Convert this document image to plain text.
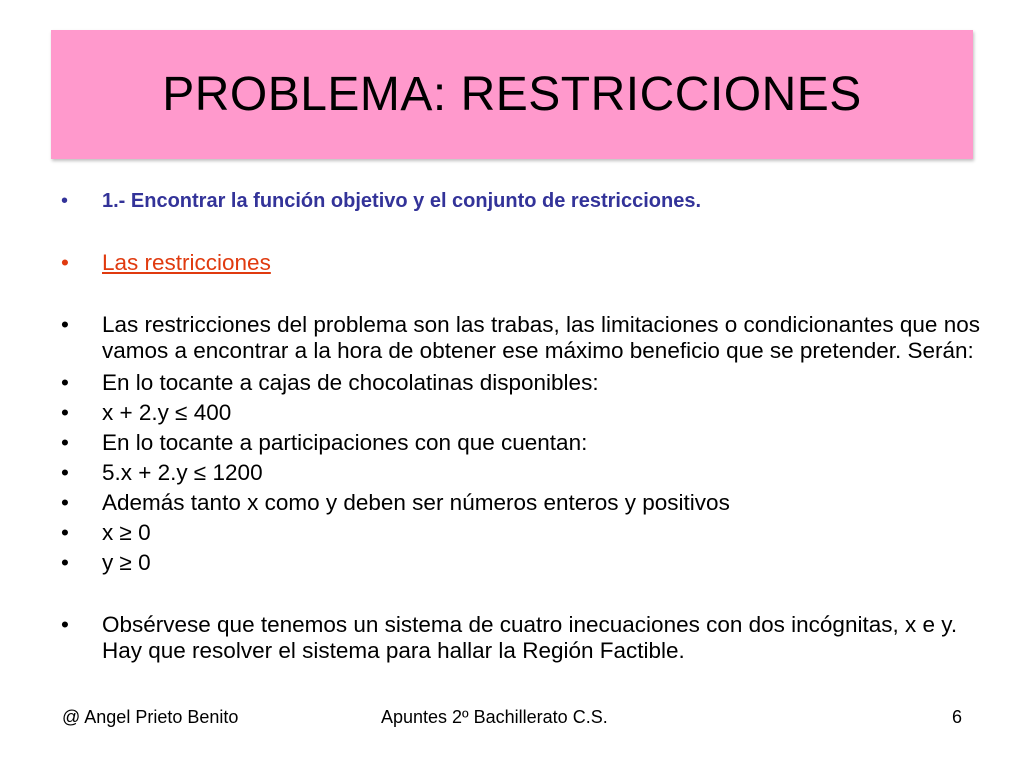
PROBLEMA: RESTRICCIONES
• 1.- Encontrar la función objetivo y el conjunto de restricciones.
• Las restricciones
• Las restricciones del problema son las trabas, las limitaciones o condicionantes que nos vamos a encontrar a la hora de obtener ese máximo beneficio que se pretender. Serán:
• En lo tocante a cajas de chocolatinas disponibles:
• x + 2.y ≤ 400
• En lo tocante a participaciones con que cuentan:
• 5.x + 2.y ≤ 1200
• Además tanto x como y deben ser números enteros y positivos
• x ≥ 0
• y ≥ 0
• Obsérvese que tenemos un sistema de cuatro inecuaciones con dos incógnitas, x e y. Hay que resolver el sistema para hallar la Región Factible.
@ Angel Prieto Benito	Apuntes 2º Bachillerato C.S.	6
